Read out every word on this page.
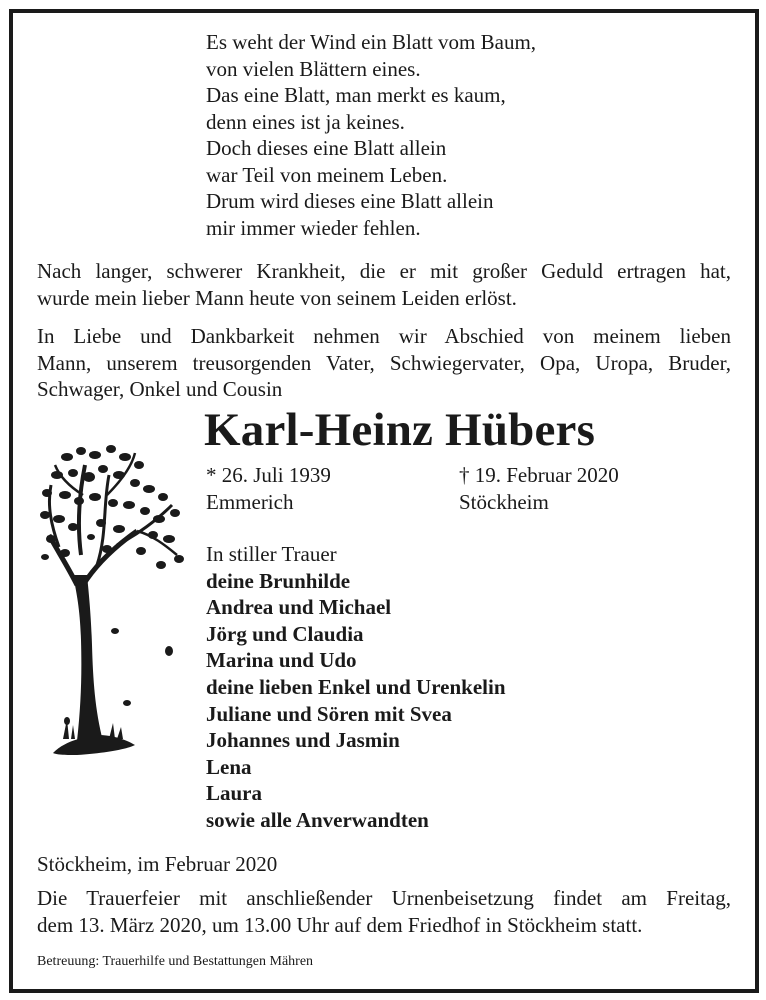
Es weht der Wind ein Blatt vom Baum,
von vielen Blättern eines.
Das eine Blatt, man merkt es kaum,
denn eines ist ja keines.
Doch dieses eine Blatt allein
war Teil von meinem Leben.
Drum wird dieses eine Blatt allein
mir immer wieder fehlen.
Nach langer, schwerer Krankheit, die er mit großer Geduld ertragen hat,
wurde mein lieber Mann heute von seinem Leiden erlöst.
In Liebe und Dankbarkeit nehmen wir Abschied von meinem lieben
Mann, unserem treusorgenden Vater, Schwiegervater, Opa, Uropa, Bruder,
Schwager, Onkel und Cousin
Karl-Heinz Hübers
* 26. Juli 1939
Emmerich
† 19. Februar 2020
Stöckheim
In stiller Trauer
deine Brunhilde
Andrea und Michael
Jörg und Claudia
Marina und Udo
deine lieben Enkel und Urenkelin
Juliane und Sören mit Svea
Johannes und Jasmin
Lena
Laura
sowie alle Anverwandten
Stöckheim, im Februar 2020
Die Trauerfeier mit anschließender Urnenbeisetzung findet am Freitag,
dem 13. März 2020, um 13.00 Uhr auf dem Friedhof in Stöckheim statt.
Betreuung: Trauerhilfe und Bestattungen Mähren
